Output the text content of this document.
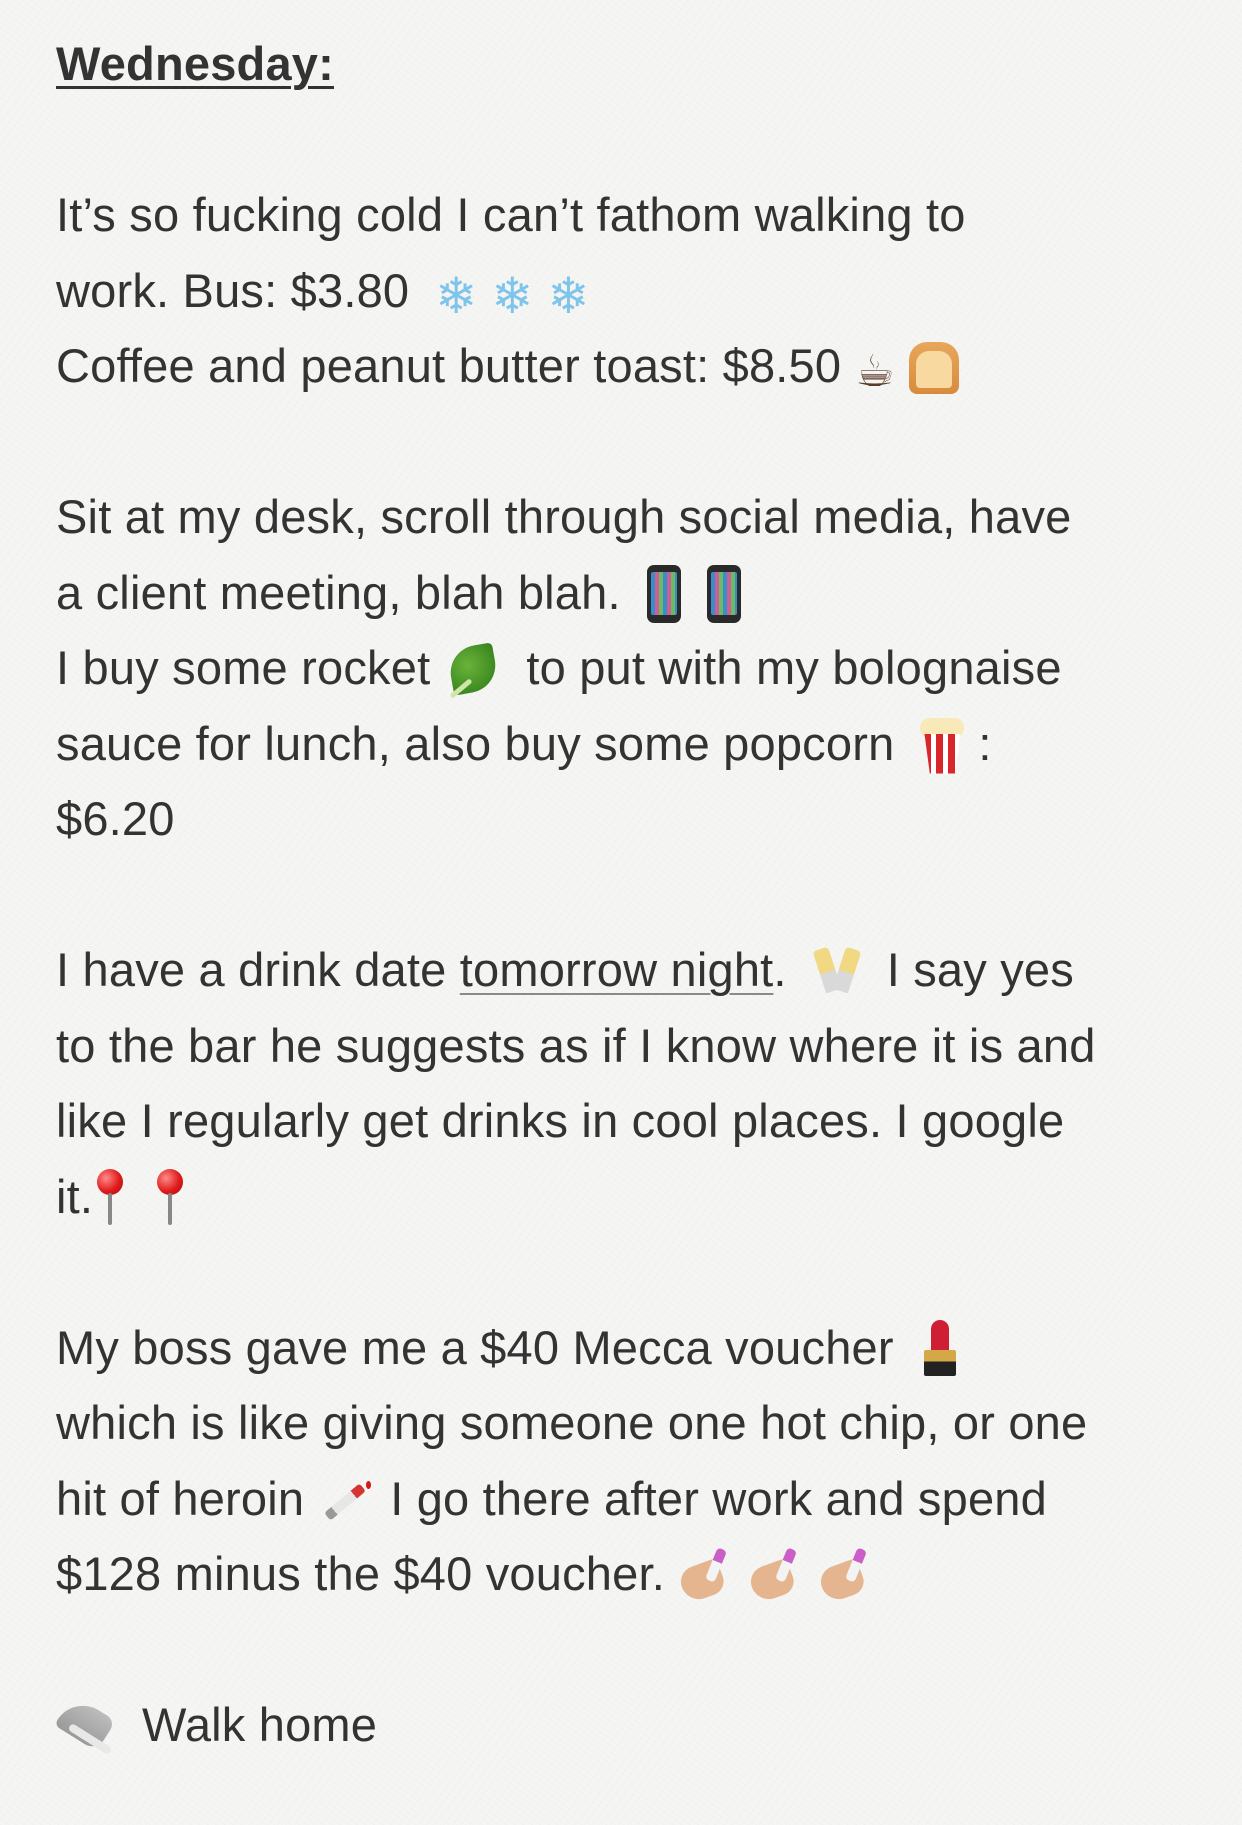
Wednesday:
It’s so fucking cold I can’t fathom walking to
work. Bus: $3.80 ❄ ❄ ❄
Coffee and peanut butter toast: $8.50 ☕
Sit at my desk, scroll through social media, have
a client meeting, blah blah.
I buy some rocket to put with my bolognaise
sauce for lunch, also buy some popcorn :
$6.20
I have a drink date tomorrow night. I say yes
to the bar he suggests as if I know where it is and
like I regularly get drinks in cool places. I google
it.
My boss gave me a $40 Mecca voucher
which is like giving someone one hot chip, or one
hit of heroin I go there after work and spend
$128 minus the $40 voucher.
Walk home
